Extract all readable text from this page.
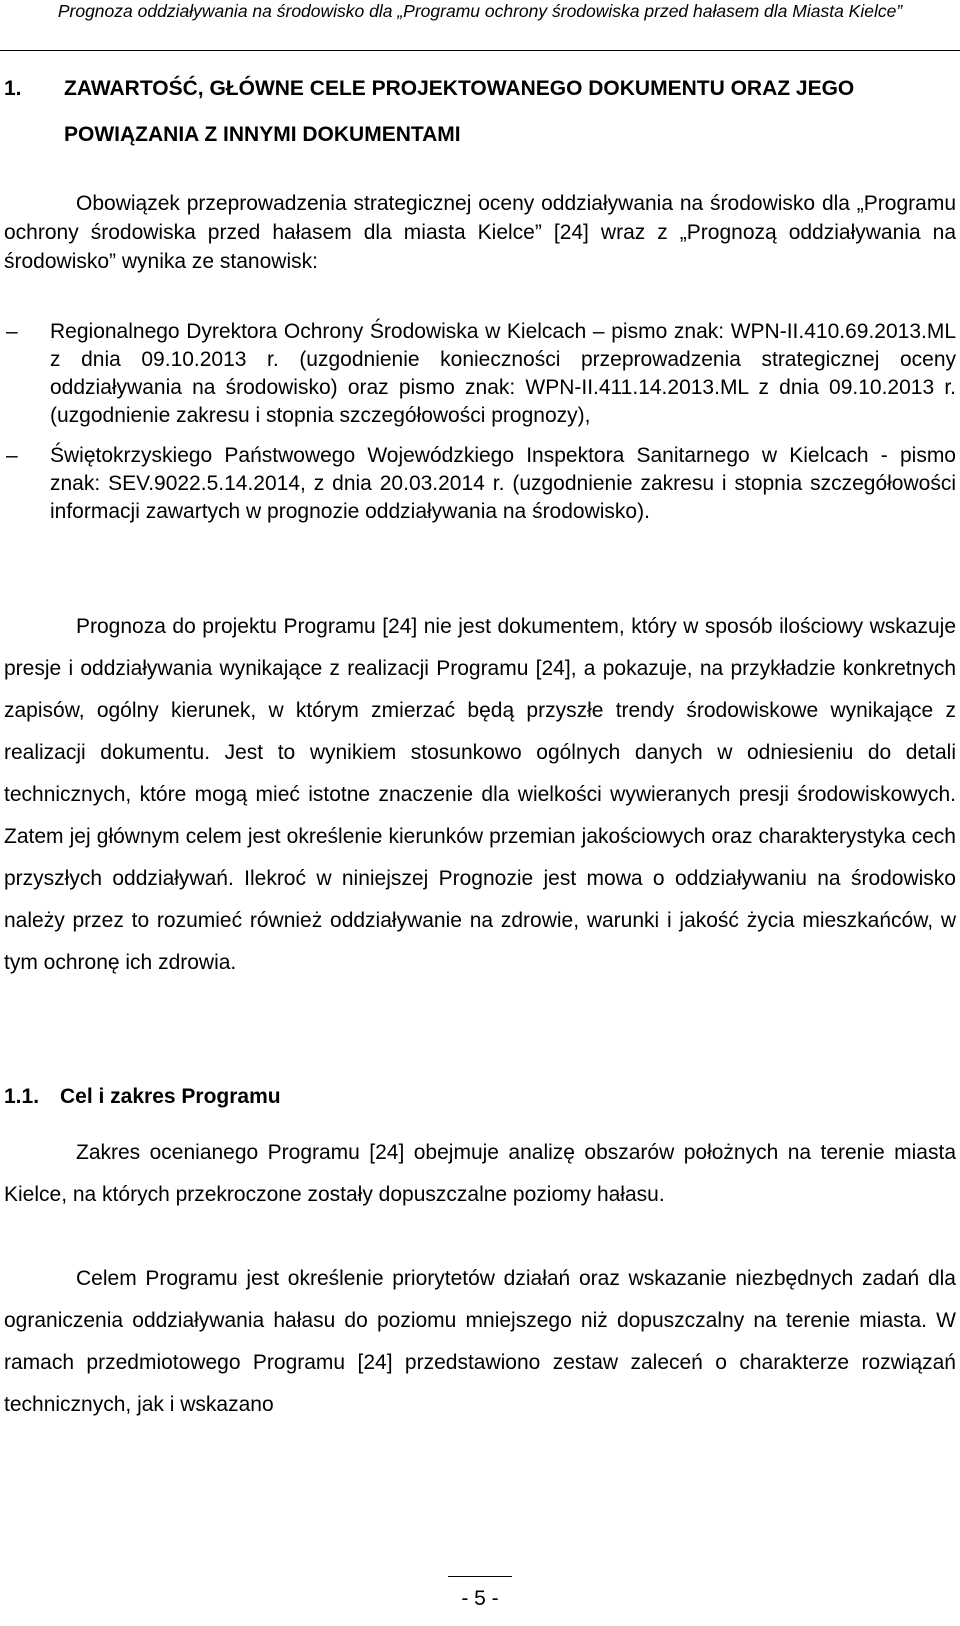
Prognoza oddziaływania na środowisko dla „Programu ochrony środowiska przed hałasem dla Miasta Kielce”
1. ZAWARTOŚĆ, GŁÓWNE CELE PROJEKTOWANEGO DOKUMENTU ORAZ JEGO POWIĄZANIA Z INNYMI DOKUMENTAMI

Obowiązek przeprowadzenia strategicznej oceny oddziaływania na środowisko dla „Programu ochrony środowiska przed hałasem dla miasta Kielce” [24] wraz z „Prognozą oddziaływania na środowisko” wynika ze stanowisk:

– Regionalnego Dyrektora Ochrony Środowiska w Kielcach – pismo znak: WPN-II.410.69.2013.ML z dnia 09.10.2013 r. (uzgodnienie konieczności przeprowadzenia strategicznej oceny oddziaływania na środowisko) oraz pismo znak: WPN-II.411.14.2013.ML z dnia 09.10.2013 r. (uzgodnienie zakresu i stopnia szczegółowości prognozy),
– Świętokrzyskiego Państwowego Wojewódzkiego Inspektora Sanitarnego w Kielcach - pismo znak: SEV.9022.5.14.2014, z dnia 20.03.2014 r. (uzgodnienie zakresu i stopnia szczegółowości informacji zawartych w prognozie oddziaływania na środowisko).

Prognoza do projektu Programu [24] nie jest dokumentem, który w sposób ilościowy wskazuje presje i oddziaływania wynikające z realizacji Programu [24], a pokazuje, na przykładzie konkretnych zapisów, ogólny kierunek, w którym zmierzać będą przyszłe trendy środowiskowe wynikające z realizacji dokumentu. Jest to wynikiem stosunkowo ogólnych danych w odniesieniu do detali technicznych, które mogą mieć istotne znaczenie dla wielkości wywieranych presji środowiskowych. Zatem jej głównym celem jest określenie kierunków przemian jakościowych oraz charakterystyka cech przyszłych oddziaływań. Ilekroć w niniejszej Prognozie jest mowa o oddziaływaniu na środowisko należy przez to rozumieć również oddziaływanie na zdrowie, warunki i jakość życia mieszkańców, w tym ochronę ich zdrowia.

1.1. Cel i zakres Programu

Zakres ocenianego Programu [24] obejmuje analizę obszarów położnych na terenie miasta Kielce, na których przekroczone zostały dopuszczalne poziomy hałasu.

Celem Programu jest określenie priorytetów działań oraz wskazanie niezbędnych zadań dla ograniczenia oddziaływania hałasu do poziomu mniejszego niż dopuszczalny na terenie miasta. W ramach przedmiotowego Programu [24] przedstawiono zestaw zaleceń o charakterze rozwiązań technicznych, jak i wskazano

- 5 -
